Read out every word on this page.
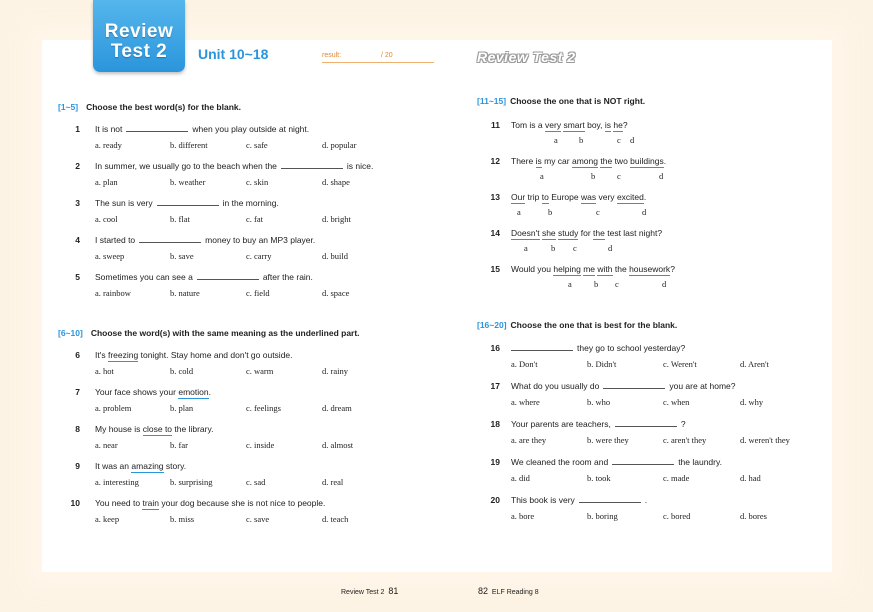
Review
Test 2	Unit 10~18	result:	/ 20	Review Test 2
[1~5] Choose the best word(s) for the blank.
[6~10] Choose the word(s) with the same meaning as the underlined part.
[11~15] Choose the one that is NOT right.
[16~20] Choose the one that is best for the blank.
1 It is not	when you play outside at night.
a. ready	b. different	c. safe	d. popular
2 In summer, we usually go to the beach when the	is nice.
a. plan	b. weather	c. skin	d. shape
3 The sun is very	in the morning.
a. cool	b. flat	c. fat	d. bright
4 I started to	money to buy an MP3 player.
a. sweep	b. save	c. carry	d. build
5 Sometimes you can see a	after the rain.
a. rainbow	b. nature	c. field	d. space
6 It's freezing tonight. Stay home and don't go outside.
a. hot	b. cold	c. warm	d. rainy
7 Your face shows your emotion.
a. problem	b. plan	c. feelings	d. dream
8 My house is close to the library.
a. near	b. far	c. inside	d. almost
9 It was an amazing story.
a. interesting	b. surprising	c. sad	d. real
10 You need to train your dog because she is not nice to people.
a. keep	b. miss	c. save	d. teach
11 Tom is a very smart boy, is he?
a b	c d
12 There is my car among the two buildings.
a	b	c	d
13 Our trip to Europe was very excited.
a	b	c	d
14 Doesn't she study for the test last night?
a	b c	d
15 Would you helping me with the housework?
a	b c	d
16	they go to school yesterday?
a. Don't	b. Didn't	c. Weren't	d. Aren't
17 What do you usually do	you are at home?
a. where	b. who	c. when	d. why
18 Your parents are teachers,	?
a. are they	b. were they	c. aren't they	d. weren't they
19 We cleaned the room and	the laundry.
a. did	b. took	c. made	d. had
20 This book is very	.
a. bore	b. boring	c. bored	d. bores
Review Test 2 81	82 ELF Reading 8
